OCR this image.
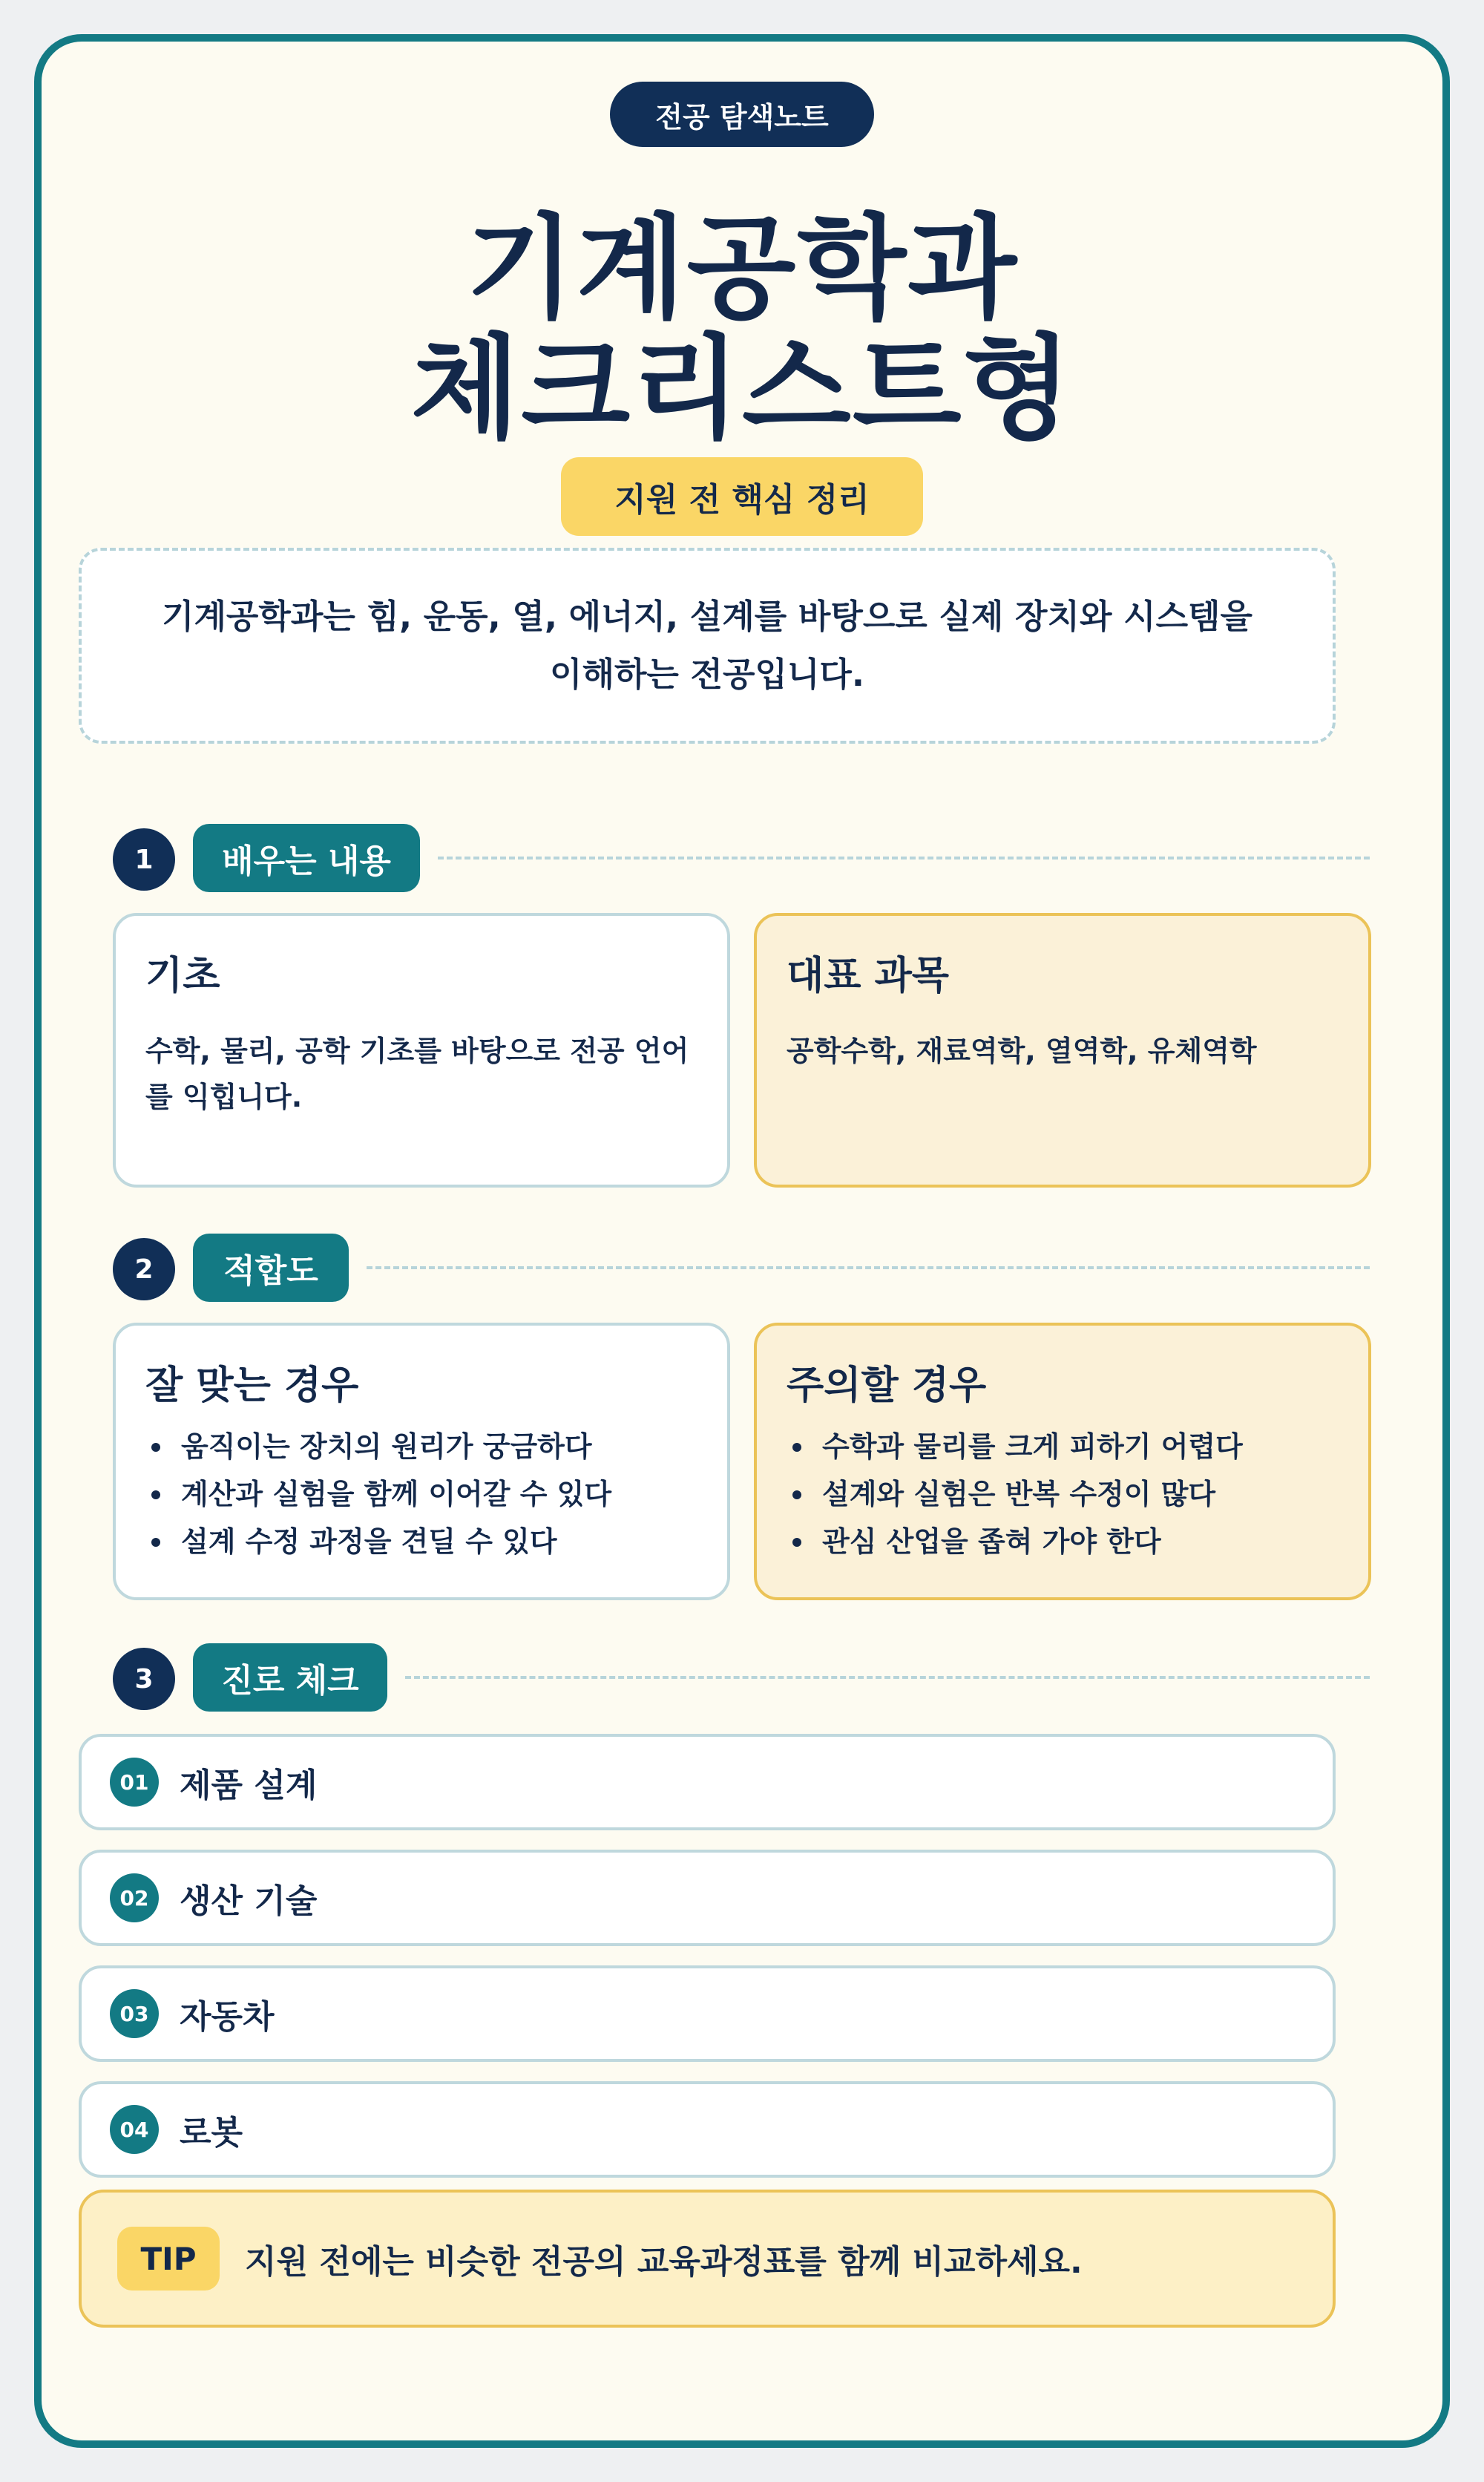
전공 탐색노트
기계공학과
체크리스트형
지원 전 핵심 정리
기계공학과는 힘, 운동, 열, 에너지, 설계를 바탕으로 실제 장치와 시스템을
이해하는 전공입니다.
1	배우는 내용
기초
수학, 물리, 공학 기초를 바탕으로 전공 언어를 익힙니다.
대표 과목
공학수학, 재료역학, 열역학, 유체역학
2	적합도
잘 맞는 경우
움직이는 장치의 원리가 궁금하다
계산과 실험을 함께 이어갈 수 있다
설계 수정 과정을 견딜 수 있다
주의할 경우
수학과 물리를 크게 피하기 어렵다
설계와 실험은 반복 수정이 많다
관심 산업을 좁혀 가야 한다
3	진로 체크
01 제품 설계
02 생산 기술
03 자동차
04 로봇
TIP	지원 전에는 비슷한 전공의 교육과정표를 함께 비교하세요.
